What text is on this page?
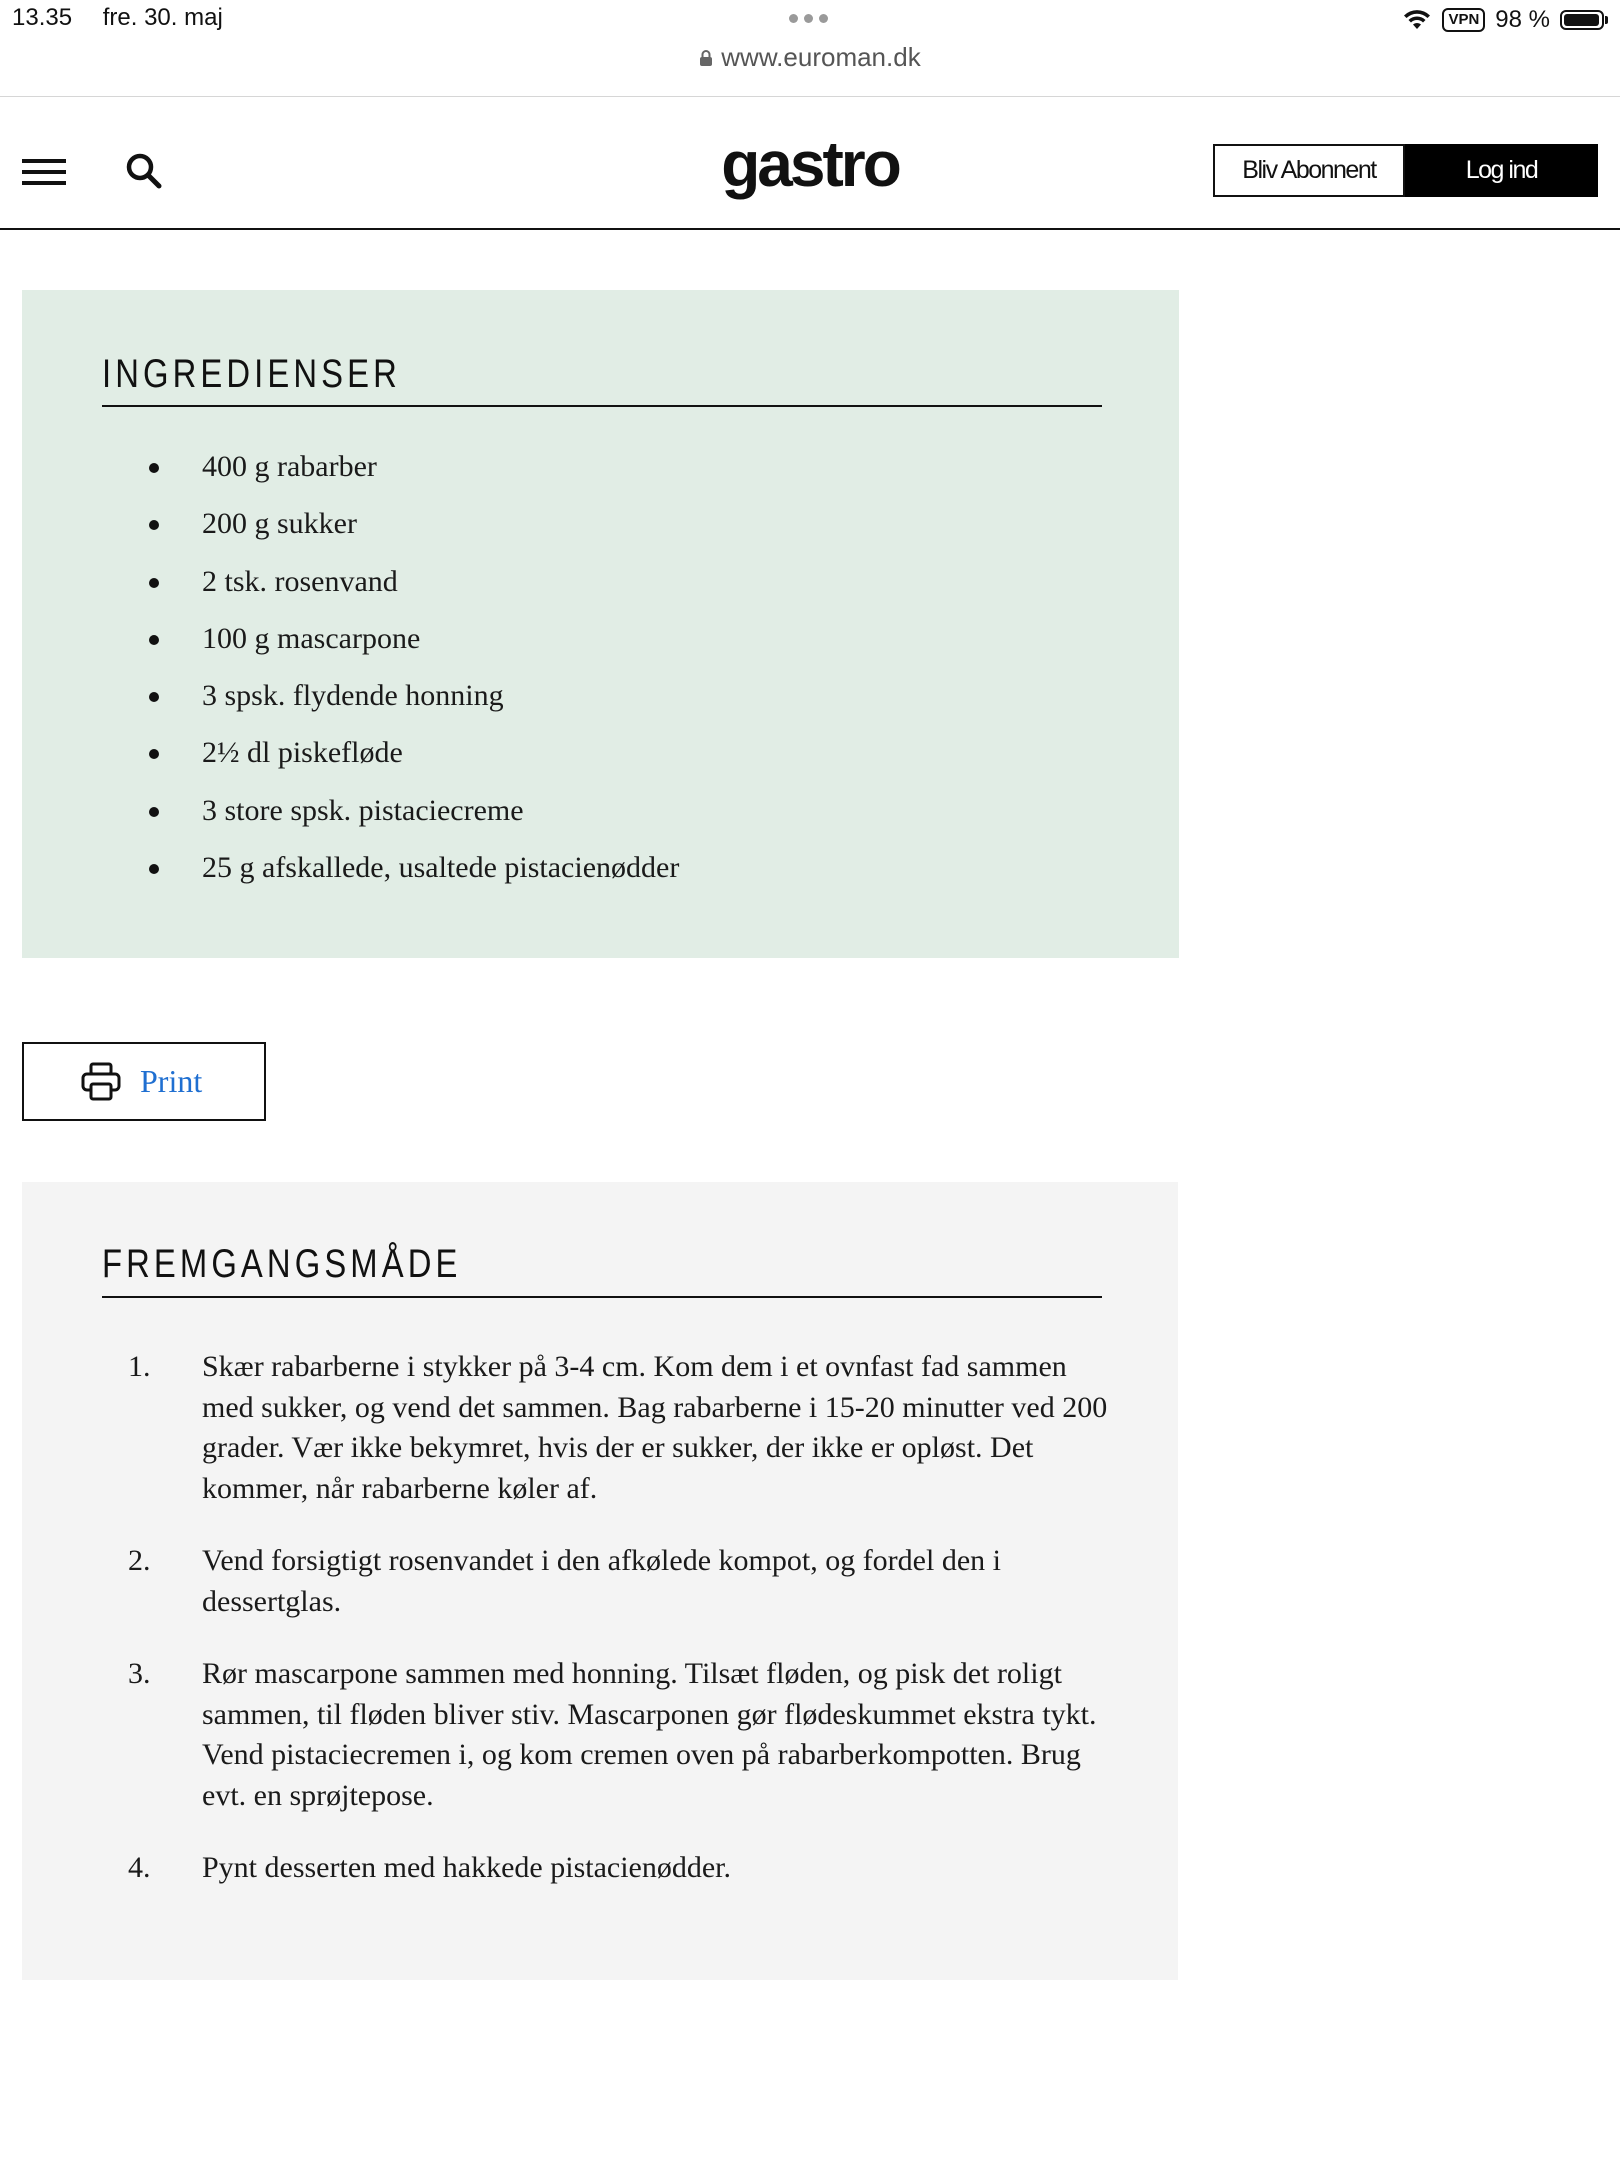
13.35 fre. 30. maj	VPN 98 %
www.euroman.dk
gastro	Bliv Abonnent	Log ind
INGREDIENSER
400 g rabarber
200 g sukker
2 tsk. rosenvand
100 g mascarpone
3 spsk. flydende honning
2½ dl piskefløde
3 store spsk. pistaciecreme
25 g afskallede, usaltede pistacienødder
Print
FREMGANGSMÅDE
1. Skær rabarberne i stykker på 3-4 cm. Kom dem i et ovnfast fad sammen med sukker, og vend det sammen. Bag rabarberne i 15-20 minutter ved 200 grader. Vær ikke bekymret, hvis der er sukker, der ikke er opløst. Det kommer, når rabarberne køler af.
2. Vend forsigtigt rosenvandet i den afkølede kompot, og fordel den i dessertglas.
3. Rør mascarpone sammen med honning. Tilsæt fløden, og pisk det roligt sammen, til fløden bliver stiv. Mascarponen gør flødeskummet ekstra tykt. Vend pistaciecremen i, og kom cremen oven på rabarberkompotten. Brug evt. en sprøjtepose.
4. Pynt desserten med hakkede pistacienødder.
